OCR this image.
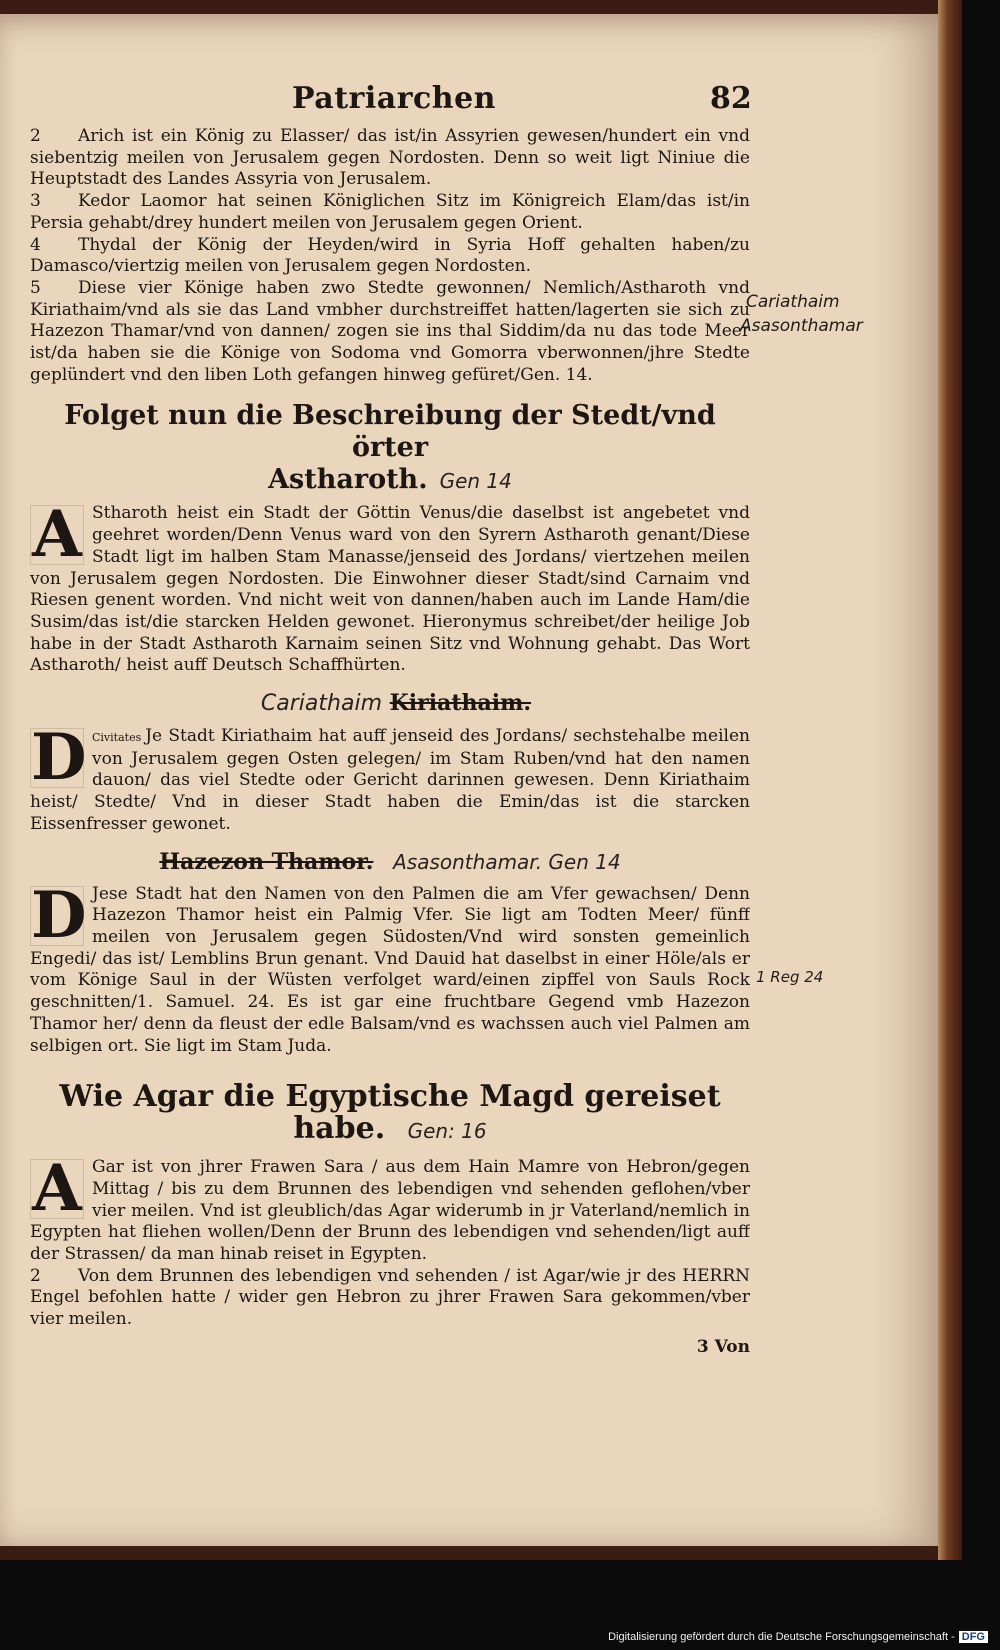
Patriarchen	82

2 Arich ist ein König zu Elasser/ das ist/in Assyrien gewesen/hundert ein vnd siebentzig meilen von Jerusalem gegen Nordosten. Denn so weit ligt Niniue die Heuptstadt des Landes Assyria von Jerusalem.

3 Kedor Laomor hat seinen Königlichen Sitz im Königreich Elam/das ist/in Persia gehabt/drey hundert meilen von Jerusalem gegen Orient.

4 Thydal der König der Heyden/wird in Syria Hoff gehalten haben/zu Damasco/viertzig meilen von Jerusalem gegen Nordosten.

5 Diese vier Könige haben zwo Stedte gewonnen/ Nemlich/Astharoth vnd Kiriathaim/vnd als sie das Land vmbher durchstreiffet hatten/lagerten sie sich zu Hazezon Thamar/vnd von dannen/ zogen sie ins thal Siddim/da nu das tode Meer ist/da haben sie die Könige von Sodoma vnd Gomorra vberwonnen/jhre Stedte geplündert vnd den liben Loth gefangen hinweg gefüret/Gen. 14.

Folget nun die Beschreibung der Stedt/vnd örter
Astharoth. Gen 14
A Stharoth heist ein Stadt der Göttin Venus/die daselbst ist angebetet vnd geehret worden/Denn Venus ward von den Syrern Astharoth genant/Diese Stadt ligt im halben Stam Manasse/jenseid des Jordans/ viertzehen meilen von Jerusalem gegen Nordosten. Die Einwohner dieser Stadt/sind Carnaim vnd Riesen genent worden. Vnd nicht weit von dannen/haben auch im Lande Ham/die Susim/das ist/die starcken Helden gewonet. Hieronymus schreibet/der heilige Job habe in der Stadt Astharoth Karnaim seinen Sitz vnd Wohnung gehabt. Das Wort Astharoth/ heist auff Deutsch Schaffhürten.

Cariathaim Kiriathaim.
D Civitates Je Stadt Kiriathaim hat auff jenseid des Jordans/ sechstehalbe meilen von Jerusalem gegen Osten gelegen/ im Stam Ruben/vnd hat den namen dauon/ das viel Stedte oder Gericht darinnen gewesen. Denn Kiriathaim heist/ Stedte/ Vnd in dieser Stadt haben die Emin/das ist die starcken Eissenfresser gewonet.

Hazezon Thamor. Asasonthamar. Gen 14
D Jese Stadt hat den Namen von den Palmen die am Vfer gewachsen/ Denn Hazezon Thamor heist ein Palmig Vfer. Sie ligt am Todten Meer/ fünff meilen von Jerusalem gegen Südosten/Vnd wird sonsten gemeinlich Engedi/ das ist/ Lemblins Brun genant. Vnd Dauid hat daselbst in einer Höle/als er vom Könige Saul in der Wüsten verfolget ward/einen zipffel von Sauls Rock geschnitten/1. Samuel. 24. Es ist gar eine fruchtbare Gegend vmb Hazezon Thamor her/ denn da fleust der edle Balsam/vnd es wachssen auch viel Palmen am selbigen ort. Sie ligt im Stam Juda.

Wie Agar die Egyptische Magd gereiset habe. Gen: 16
A Gar ist von jhrer Frawen Sara / aus dem Hain Mamre von Hebron/gegen Mittag / bis zu dem Brunnen des lebendigen vnd sehenden geflohen/vber vier meilen. Vnd ist gleublich/das Agar widerumb in jr Vaterland/nemlich in Egypten hat fliehen wollen/Denn der Brunn des lebendigen vnd sehenden/ligt auff der Strassen/ da man hinab reiset in Egypten.

2 Von dem Brunnen des lebendigen vnd sehenden / ist Agar/wie jr des HERRN Engel befohlen hatte / wider gen Hebron zu jhrer Frawen Sara gekommen/vber vier meilen.

3 Von
Cariathaim
Asasonthamar
1 Reg 24
Digitalisierung gefördert durch die Deutsche Forschungsgemeinschaft - DFG
